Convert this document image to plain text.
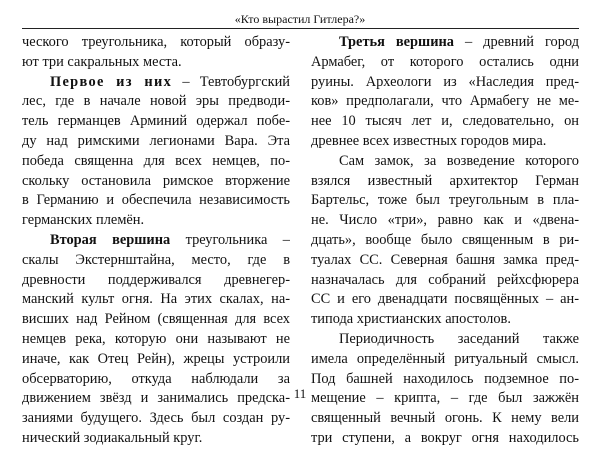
«Кто вырастил Гитлера?»
ческого треугольника, который образу-
ют три сакральных места.
Первое из них – Тевтобургский
лес, где в начале новой эры предводи-
тель германцев Арминий одержал побе-
ду над римскими легионами Вара. Эта
победа священна для всех немцев, по-
скольку остановила римское вторжение
в Германию и обеспечила независимость
германских племён.
Вторая вершина треугольника –
скалы Экстернштайна, место, где в
древности поддерживался древнегер-
манский культ огня. На этих скалах, на-
висших над Рейном (священная для всех
немцев река, которую они называют не
иначе, как Отец Рейн), жрецы устроили
обсерваторию, откуда наблюдали за
движением звёзд и занимались предска-
заниями будущего. Здесь был создан ру-
нический зодиакальный круг.
Третья вершина – древний город
Армабег, от которого остались одни
руины. Археологи из «Наследия пред-
ков» предполагали, что Армабегу не ме-
нее 10 тысяч лет и, следовательно, он
древнее всех известных городов мира.
Сам замок, за возведение которого
взялся известный архитектор Герман
Бартельс, тоже был треугольным в пла-
не. Число «три», равно как и «двена-
дцать», вообще было священным в ри-
туалах СС. Северная башня замка пред-
назначалась для собраний рейхсфюрера
СС и его двенадцати посвящённых – ан-
типода христианских апостолов.
Периодичность заседаний также
имела определённый ритуальный смысл.
Под башней находилось подземное по-
мещение – крипта, – где был зажжён
священный вечный огонь. К нему вели
три ступени, а вокруг огня находилось
11
